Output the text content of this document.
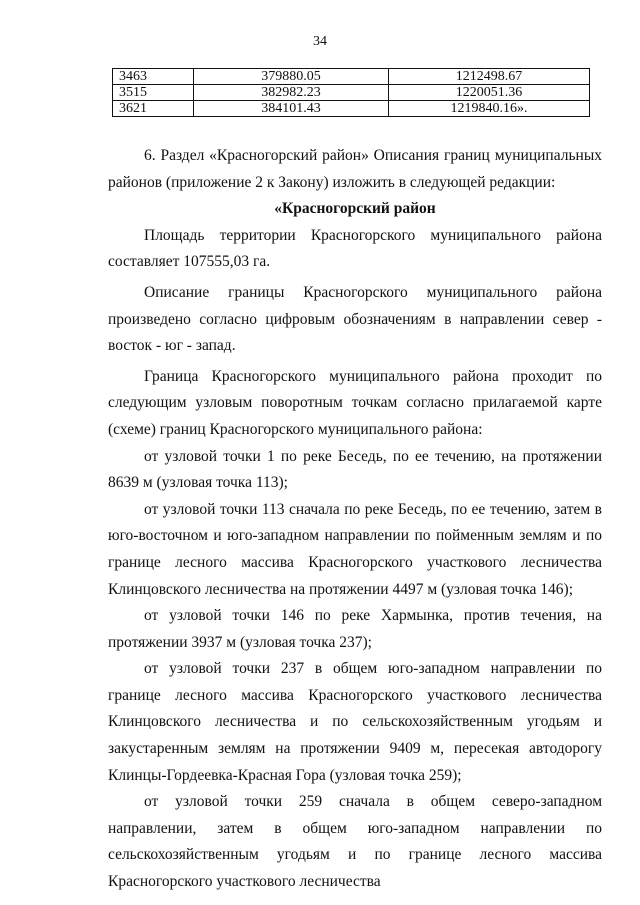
34
3463	379880.05	1212498.67
3515	382982.23	1220051.36
3621	384101.43	1219840.16».

6. Раздел «Красногорский район» Описания границ муниципальных районов (приложение 2 к Закону) изложить в следующей редакции:

«Красногорский район

Площадь территории Красногорского муниципального района составляет 107555,03 га.

Описание границы Красногорского муниципального района произведено согласно цифровым обозначениям в направлении север - восток - юг - запад.

Граница Красногорского муниципального района проходит по следующим узловым поворотным точкам согласно прилагаемой карте (схеме) границ Красногорского муниципального района:

от узловой точки 1 по реке Беседь, по ее течению, на протяжении 8639 м (узловая точка 113);

от узловой точки 113 сначала по реке Беседь, по ее течению, затем в юго-восточном и юго-западном направлении по пойменным землям и по границе лесного массива Красногорского участкового лесничества Клинцовского лесничества на протяжении 4497 м (узловая точка 146);

от узловой точки 146 по реке Хармынка, против течения, на протяжении 3937 м (узловая точка 237);

от узловой точки 237 в общем юго-западном направлении по границе лесного массива Красногорского участкового лесничества Клинцовского лесничества и по сельскохозяйственным угодьям и закустаренным землям на протяжении 9409 м, пересекая автодорогу Клинцы-Гордеевка-Красная Гора (узловая точка 259);

от узловой точки 259 сначала в общем северо-западном направлении, затем в общем юго-западном направлении по сельскохозяйственным угодьям и по границе лесного массива Красногорского участкового лесничества
